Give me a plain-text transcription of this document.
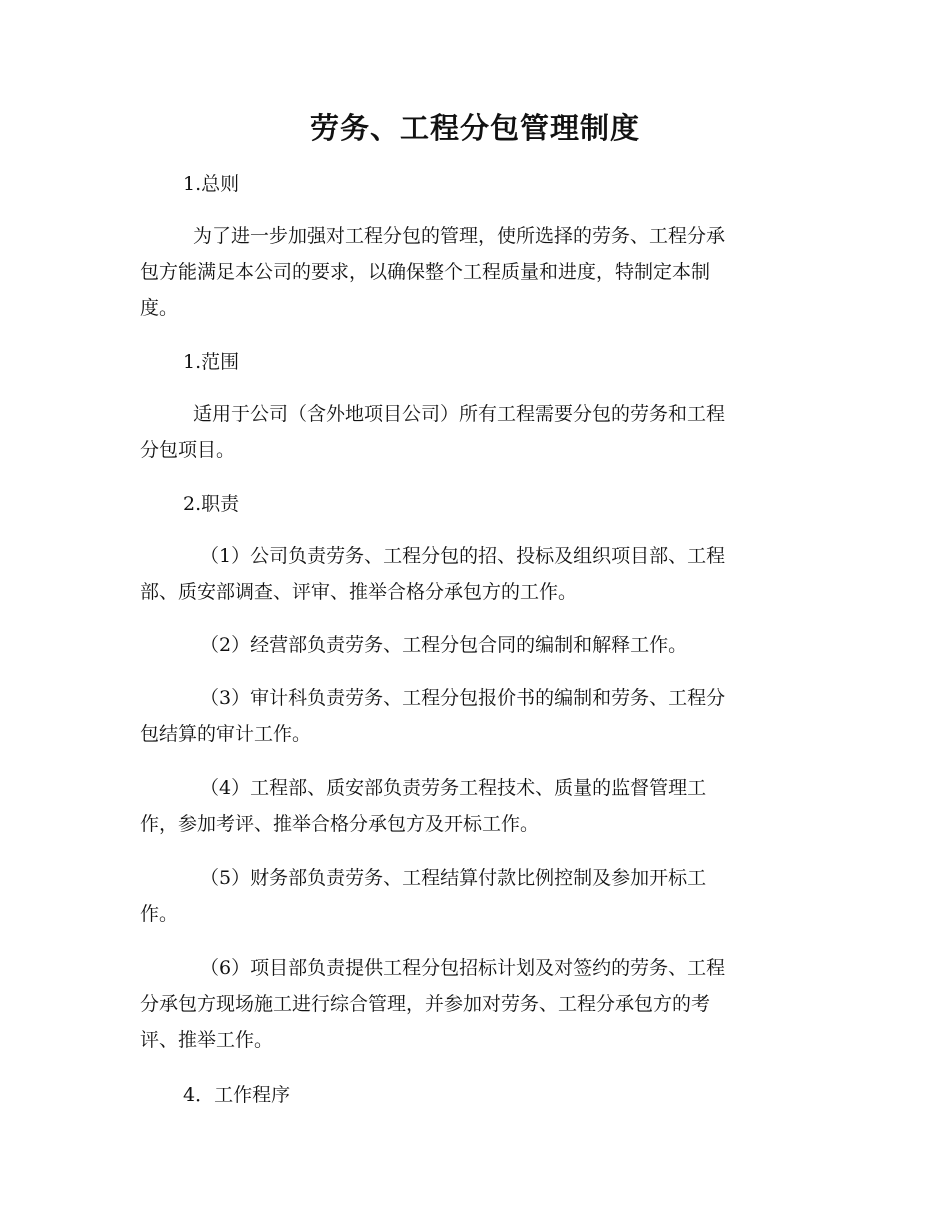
劳务、工程分包管理制度

1.总则

为了进一步加强对工程分包的管理，使所选择的劳务、工程分承
包方能满足本公司的要求，以确保整个工程质量和进度，特制定本制
度。

1.范围

适用于公司（含外地项目公司）所有工程需要分包的劳务和工程
分包项目。

2.职责

（1）公司负责劳务、工程分包的招、投标及组织项目部、工程
部、质安部调查、评审、推举合格分承包方的工作。

（2）经营部负责劳务、工程分包合同的编制和解释工作。

（3）审计科负责劳务、工程分包报价书的编制和劳务、工程分
包结算的审计工作。

（4）工程部、质安部负责劳务工程技术、质量的监督管理工
作，参加考评、推举合格分承包方及开标工作。

（5）财务部负责劳务、工程结算付款比例控制及参加开标工
作。

（6）项目部负责提供工程分包招标计划及对签约的劳务、工程
分承包方现场施工进行综合管理，并参加对劳务、工程分承包方的考
评、推举工作。

4．工作程序
